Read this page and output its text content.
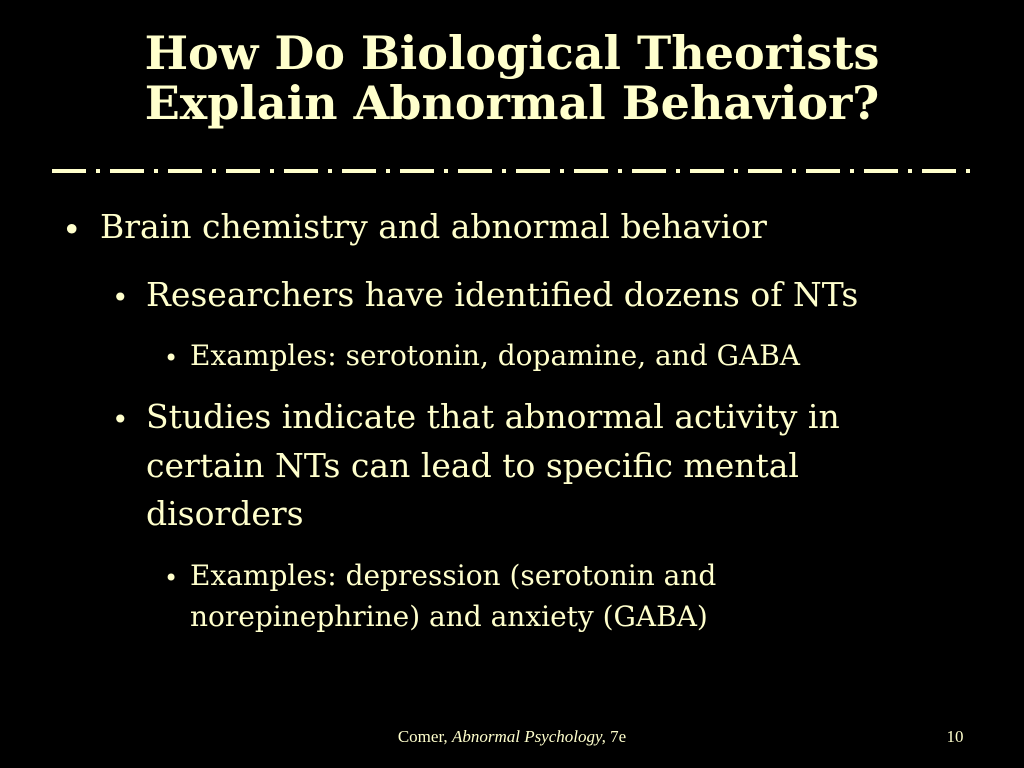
How Do Biological Theorists
Explain Abnormal Behavior?
• Brain chemistry and abnormal behavior
• Researchers have identified dozens of NTs
• Examples: serotonin, dopamine, and GABA
• Studies indicate that abnormal activity in
certain NTs can lead to specific mental
disorders
• Examples: depression (serotonin and
norepinephrine) and anxiety (GABA)
Comer, Abnormal Psychology, 7e	10
